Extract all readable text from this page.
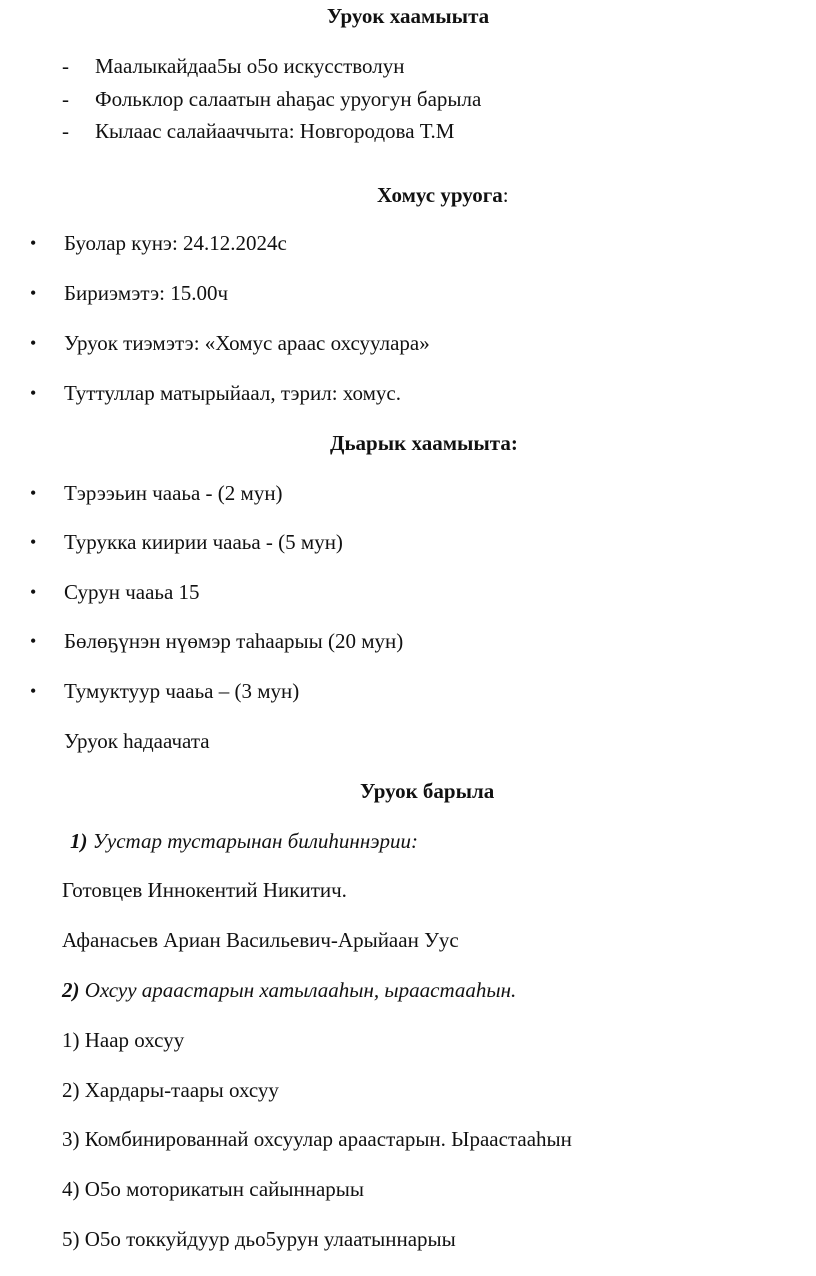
Уруок хаамыыта
- Маалыкайдаа5ы о5о искусстволун
- Фольклор салаатын аһаҕас уруогун барыла
- Кылаас салайааччыта: Новгородова Т.М
Хомус уруога:
• Буолар кунэ: 24.12.2024с
• Бириэмэтэ: 15.00ч
• Уруок тиэмэтэ: «Хомус араас охсуулара»
• Туттуллар матырыйаал, тэрил: хомус.
Дьарык хаамыыта:
• Тэрээьин чааьа - (2 мун)
• Турукка киирии чааьа - (5 мун)
• Сурун чааьа 15
• Бөлөҕүнэн нүөмэр таһаарыы (20 мун)
• Тумуктуур чааьа – (3 мун)
Уруок һадаачата
Уруок барыла
1) Уустар тустарынан билиһиннэрии:
Готовцев Иннокентий Никитич.
Афанасьев Ариан Васильевич-Арыйаан Уус
2) Охсуу араастарын хатылааһын, ыраастааһын.
1) Наар охсуу
2) Хардары-таары охсуу
3) Комбинированнай охсуулар араастарын. Ыраастааһын
4) О5о моторикатын сайыннарыы
5) О5о токкуйдуур дьо5урун улаатыннарыы
